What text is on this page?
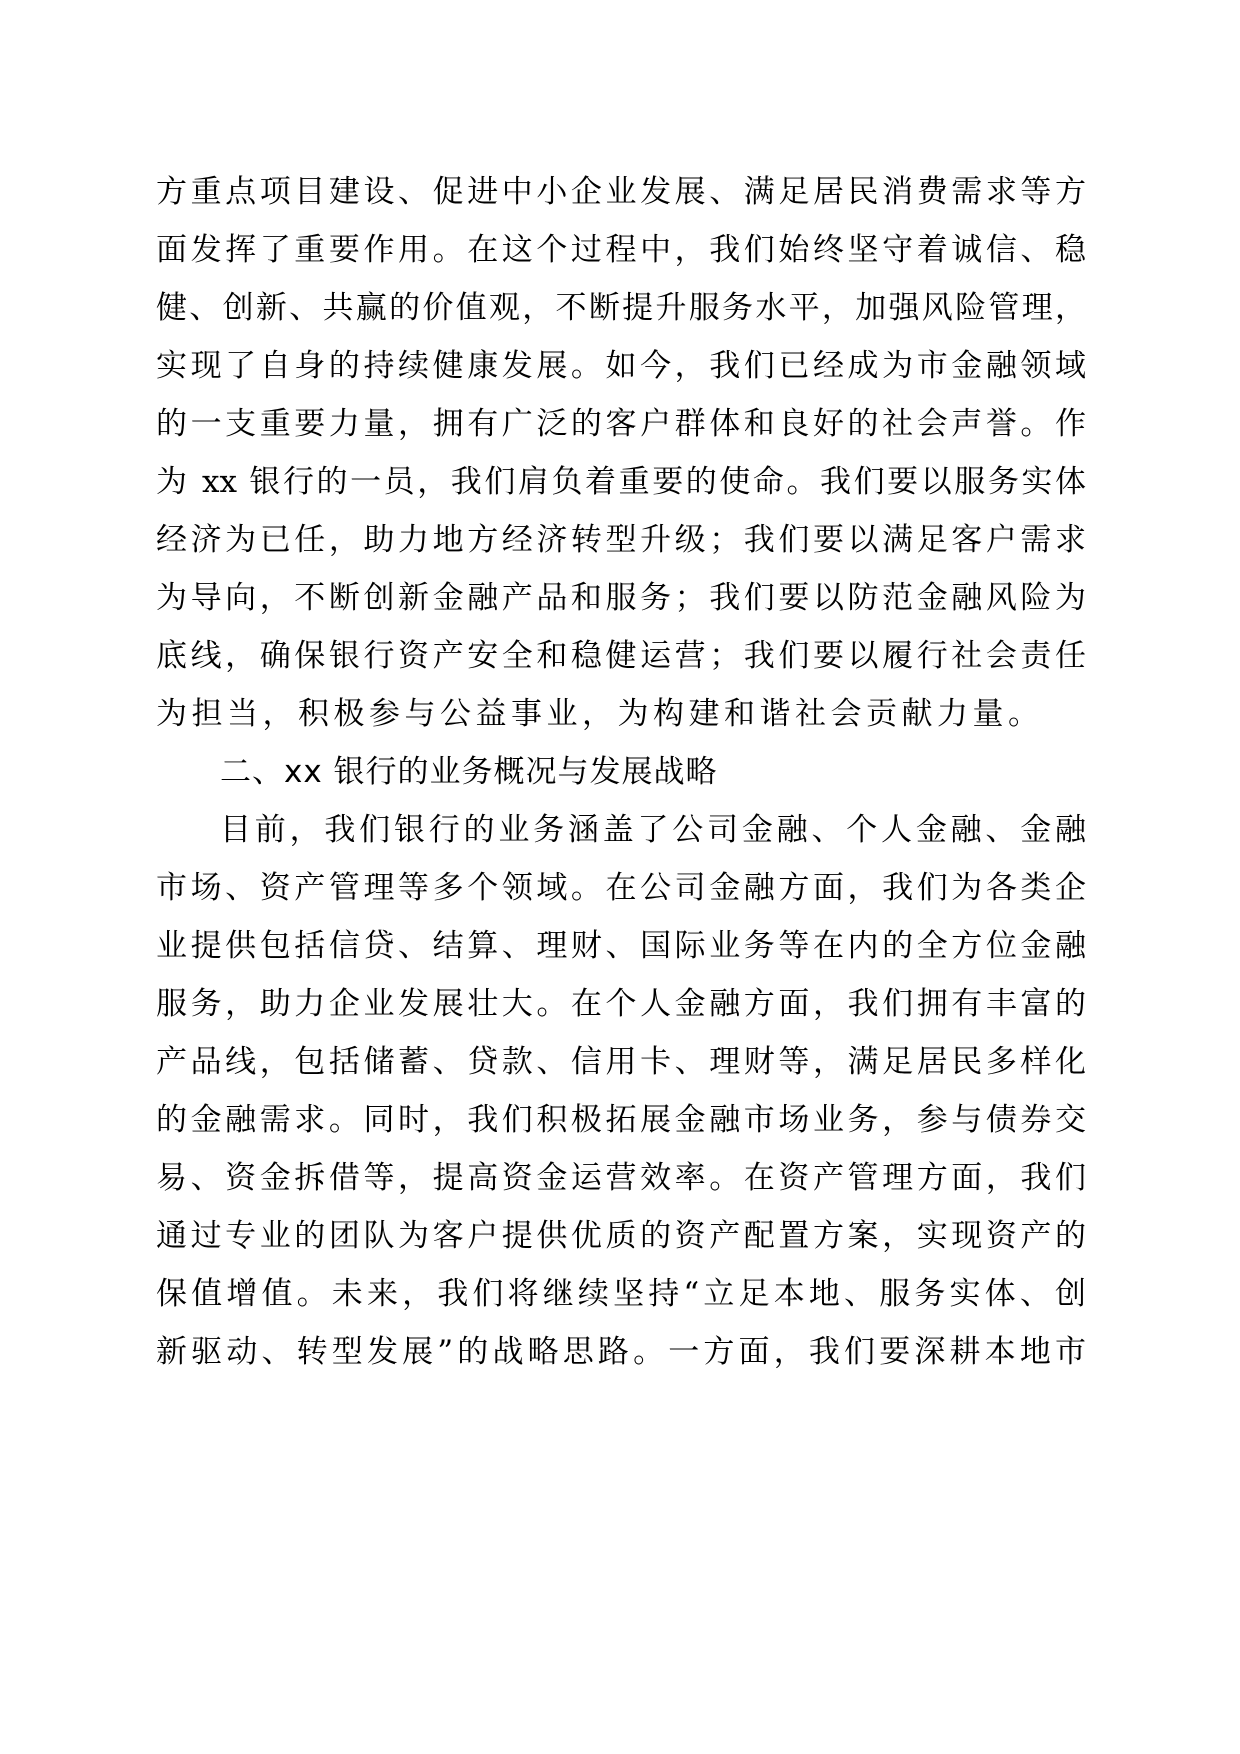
方重点项目建设、促进中小企业发展、满足居民消费需求等方
面发挥了重要作用。在这个过程中，我们始终坚守着诚信、稳
健、创新、共赢的价值观，不断提升服务水平，加强风险管理，
实现了自身的持续健康发展。如今，我们已经成为市金融领域
的一支重要力量，拥有广泛的客户群体和良好的社会声誉。作
为 xx 银行的一员，我们肩负着重要的使命。我们要以服务实体
经济为已任，助力地方经济转型升级；我们要以满足客户需求
为导向，不断创新金融产品和服务；我们要以防范金融风险为
底线，确保银行资产安全和稳健运营；我们要以履行社会责任
为担当，积极参与公益事业，为构建和谐社会贡献力量。
二、xx 银行的业务概况与发展战略
目前，我们银行的业务涵盖了公司金融、个人金融、金融
市场、资产管理等多个领域。在公司金融方面，我们为各类企
业提供包括信贷、结算、理财、国际业务等在内的全方位金融
服务，助力企业发展壮大。在个人金融方面，我们拥有丰富的
产品线，包括储蓄、贷款、信用卡、理财等，满足居民多样化
的金融需求。同时，我们积极拓展金融市场业务，参与债券交
易、资金拆借等，提高资金运营效率。在资产管理方面，我们
通过专业的团队为客户提供优质的资产配置方案，实现资产的
保值增值。未来，我们将继续坚持“立足本地、服务实体、创
新驱动、转型发展”的战略思路。一方面，我们要深耕本地市
